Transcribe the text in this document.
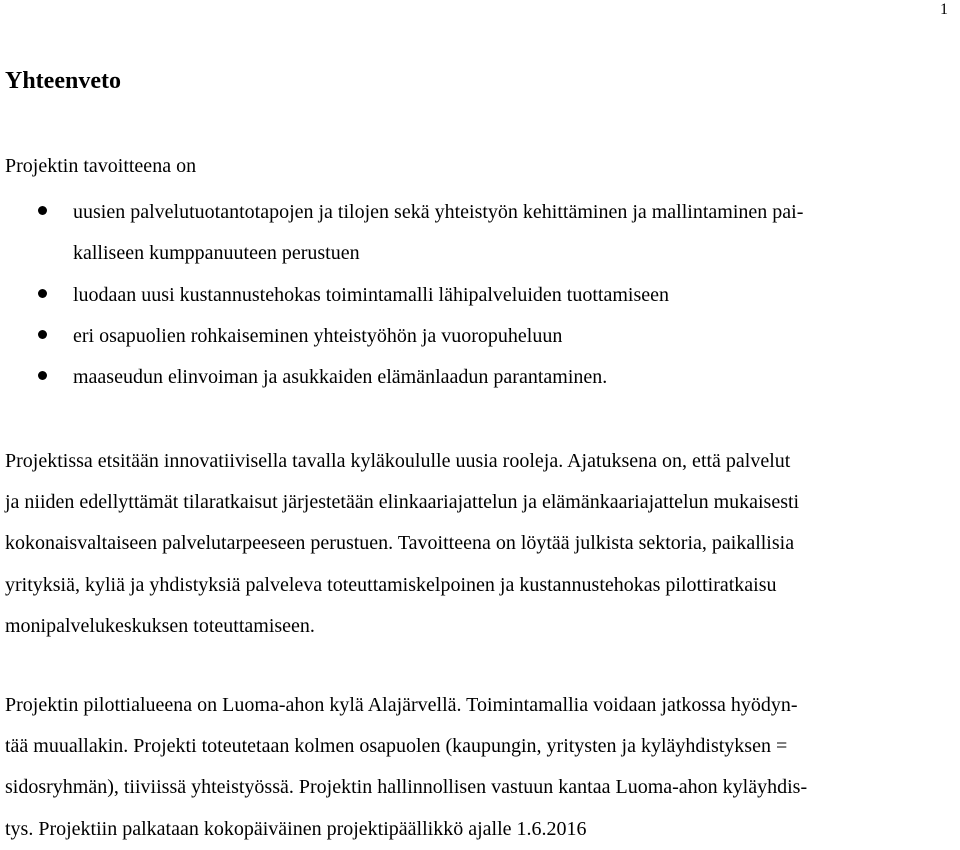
1
Yhteenveto

Projektin tavoitteena on

uusien palvelutuotantotapojen ja tilojen sekä yhteistyön kehittäminen ja mallintaminen pai-
kalliseen kumppanuuteen perustuen

luodaan uusi kustannustehokas toimintamalli lähipalveluiden tuottamiseen

eri osapuolien rohkaiseminen yhteistyöhön ja vuoropuheluun

maaseudun elinvoiman ja asukkaiden elämänlaadun parantaminen.

Projektissa etsitään innovatiivisella tavalla kyläkoululle uusia rooleja. Ajatuksena on, että palvelut
ja niiden edellyttämät tilaratkaisut järjestetään elinkaariajattelun ja elämänkaariajattelun mukaisesti
kokonaisvaltaiseen palvelutarpeeseen perustuen. Tavoitteena on löytää julkista sektoria, paikallisia
yrityksiä, kyliä ja yhdistyksiä palveleva toteuttamiskelpoinen ja kustannustehokas pilottiratkaisu
monipalvelukeskuksen toteuttamiseen.

Projektin pilottialueena on Luoma-ahon kylä Alajärvellä. Toimintamallia voidaan jatkossa hyödyn-
tää muuallakin. Projekti toteutetaan kolmen osapuolen (kaupungin, yritysten ja kyläyhdistyksen =
sidosryhmän), tiiviissä yhteistyössä. Projektin hallinnollisen vastuun kantaa Luoma-ahon kyläyhdis-
tys. Projektiin palkataan kokopäiväinen projektipäällikkö ajalle 1.6.2016
